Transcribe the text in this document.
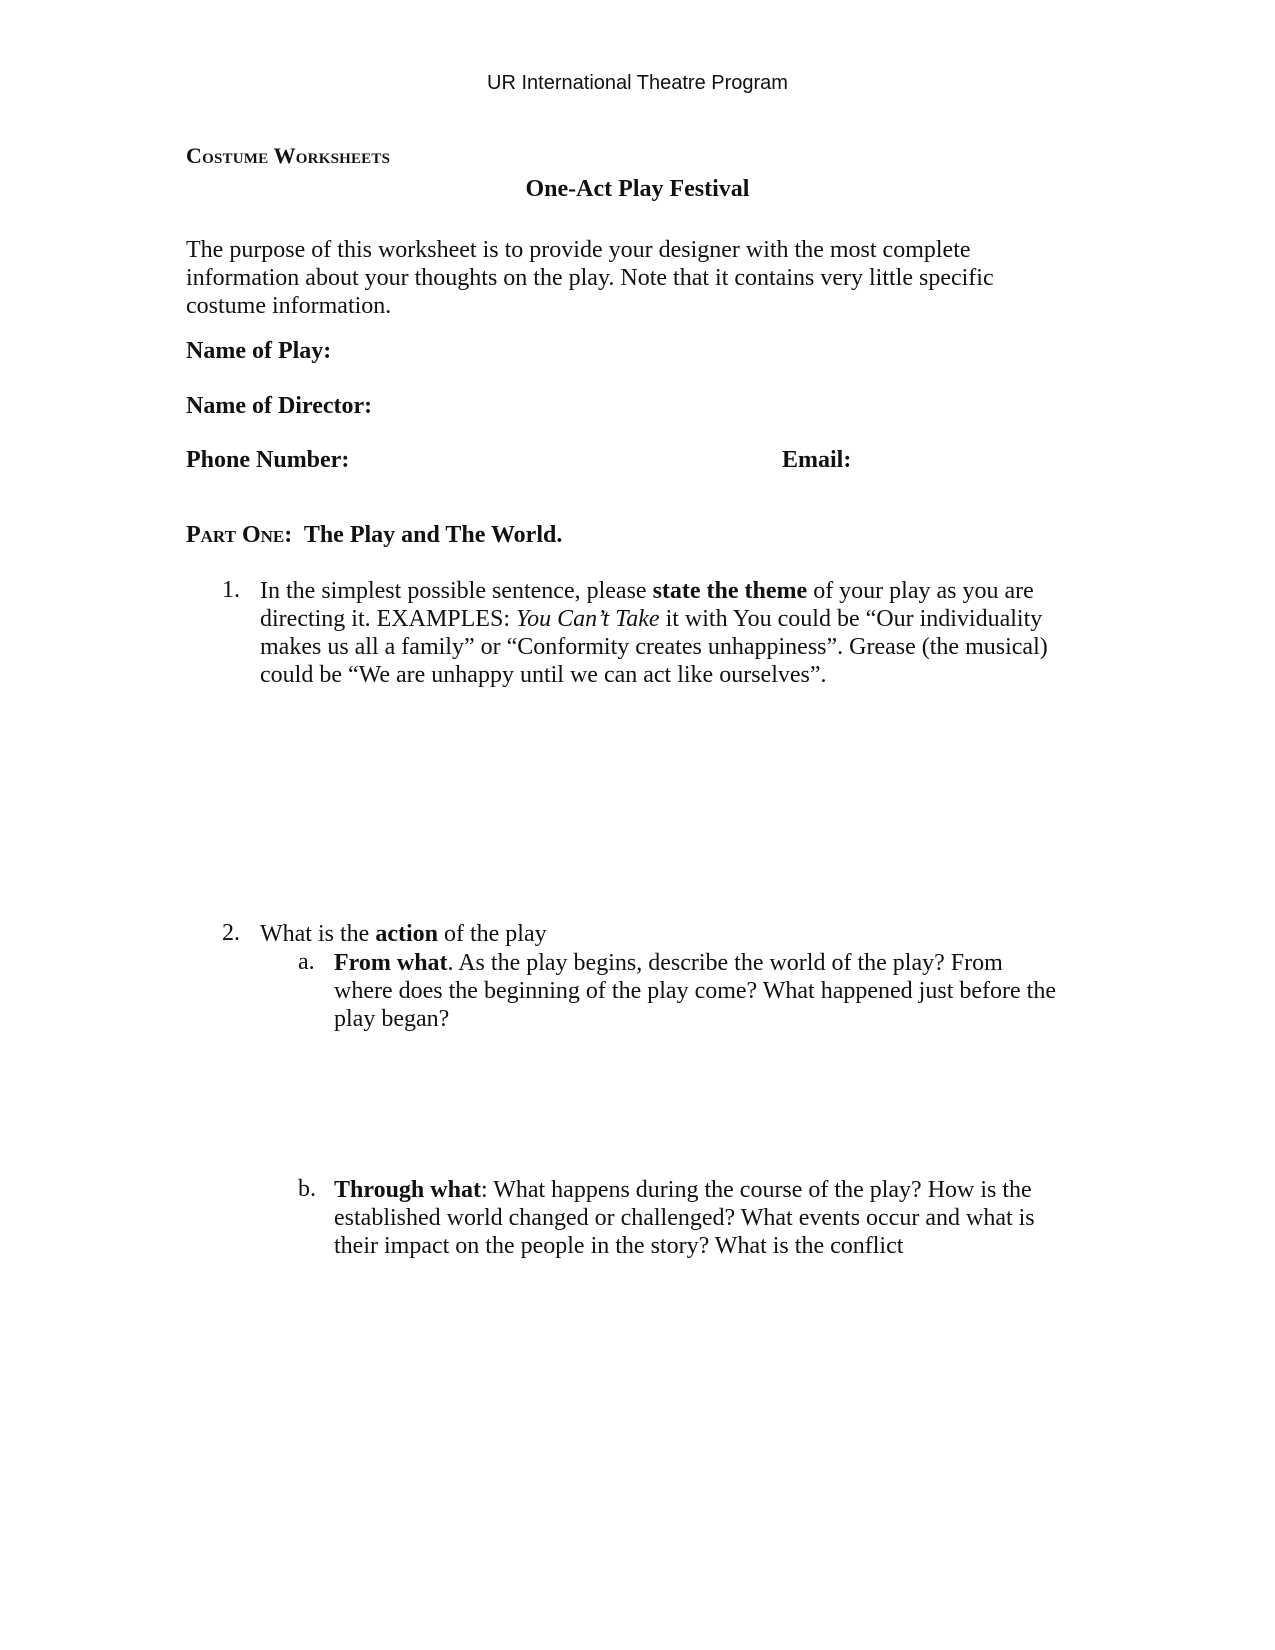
UR International Theatre Program
Costume Worksheets
One-Act Play Festival
The purpose of this worksheet is to provide your designer with the most complete information about your thoughts on the play. Note that it contains very little specific costume information.
Name of Play:
Name of Director:
Phone Number:	Email:
Part One: The Play and The World.
1. In the simplest possible sentence, please state the theme of your play as you are directing it. EXAMPLES: You Can’t Take it with You could be “Our individuality makes us all a family” or “Conformity creates unhappiness”. Grease (the musical) could be “We are unhappy until we can act like ourselves”.
2. What is the action of the play
a. From what. As the play begins, describe the world of the play? From where does the beginning of the play come? What happened just before the play began?
b. Through what: What happens during the course of the play? How is the established world changed or challenged? What events occur and what is their impact on the people in the story? What is the conflict
